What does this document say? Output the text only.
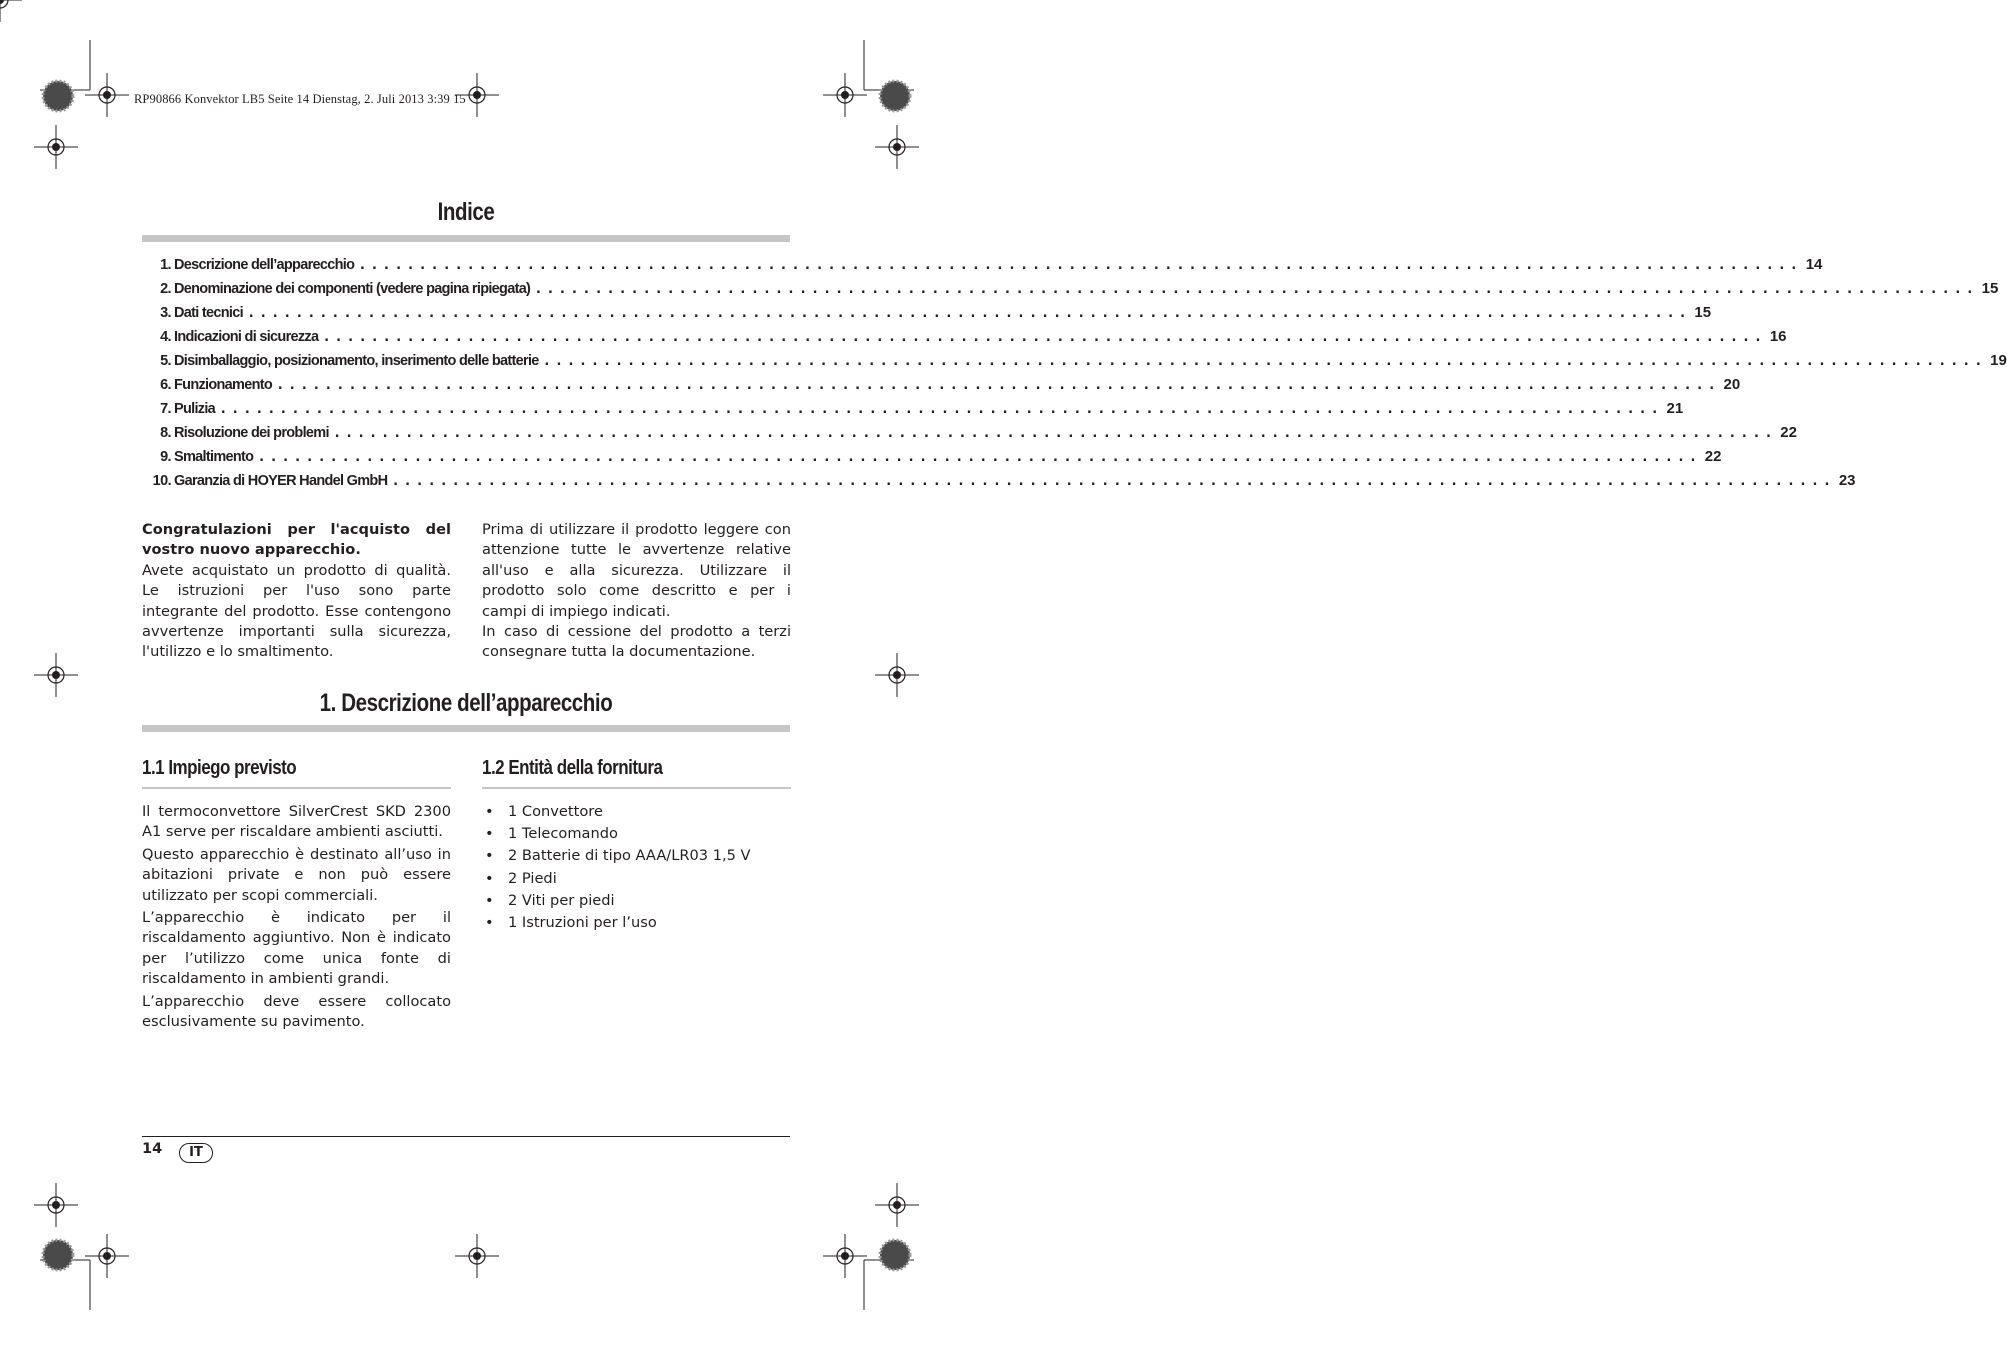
RP90866 Konvektor LB5 Seite 14 Dienstag, 2. Juli 2013 3:39 15
Indice
1. Descrizione dell’apparecchio ........................................................................................................................ 14
2. Denominazione dei componenti (vedere pagina ripiegata) ........................................................................................................................ 15
3. Dati tecnici ........................................................................................................................ 15
4. Indicazioni di sicurezza ........................................................................................................................ 16
5. Disimballaggio, posizionamento, inserimento delle batterie ........................................................................................................................ 19
6. Funzionamento ........................................................................................................................ 20
7. Pulizia ........................................................................................................................ 21
8. Risoluzione dei problemi ........................................................................................................................ 22
9. Smaltimento ........................................................................................................................ 22
10. Garanzia di HOYER Handel GmbH ........................................................................................................................ 23
Congratulazioni per l'acquisto del vostro nuovo apparecchio.
Avete acquistato un prodotto di qualità. Le istruzioni per l'uso sono parte integrante del prodotto. Esse contengono avvertenze importanti sulla sicurezza, l'utilizzo e lo smaltimento.
Prima di utilizzare il prodotto leggere con attenzione tutte le avvertenze relative all'uso e alla sicurezza. Utilizzare il prodotto solo come descritto e per i campi di impiego indicati.
In caso di cessione del prodotto a terzi consegnare tutta la documentazione.
1. Descrizione dell’apparecchio
1.1 Impiego previsto	1.2 Entità della fornitura
Il termoconvettore SilverCrest SKD 2300 A1 serve per riscaldare ambienti asciutti.
Questo apparecchio è destinato all’uso in abitazioni private e non può essere utilizzato per scopi commerciali.
L’apparecchio è indicato per il riscaldamento aggiuntivo. Non è indicato per l’utilizzo come unica fonte di riscaldamento in ambienti grandi.
L’apparecchio deve essere collocato esclusivamente su pavimento.
• 1 Convettore
• 1 Telecomando
• 2 Batterie di tipo AAA/LR03 1,5 V
• 2 Piedi
• 2 Viti per piedi
• 1 Istruzioni per l’uso
14	IT
